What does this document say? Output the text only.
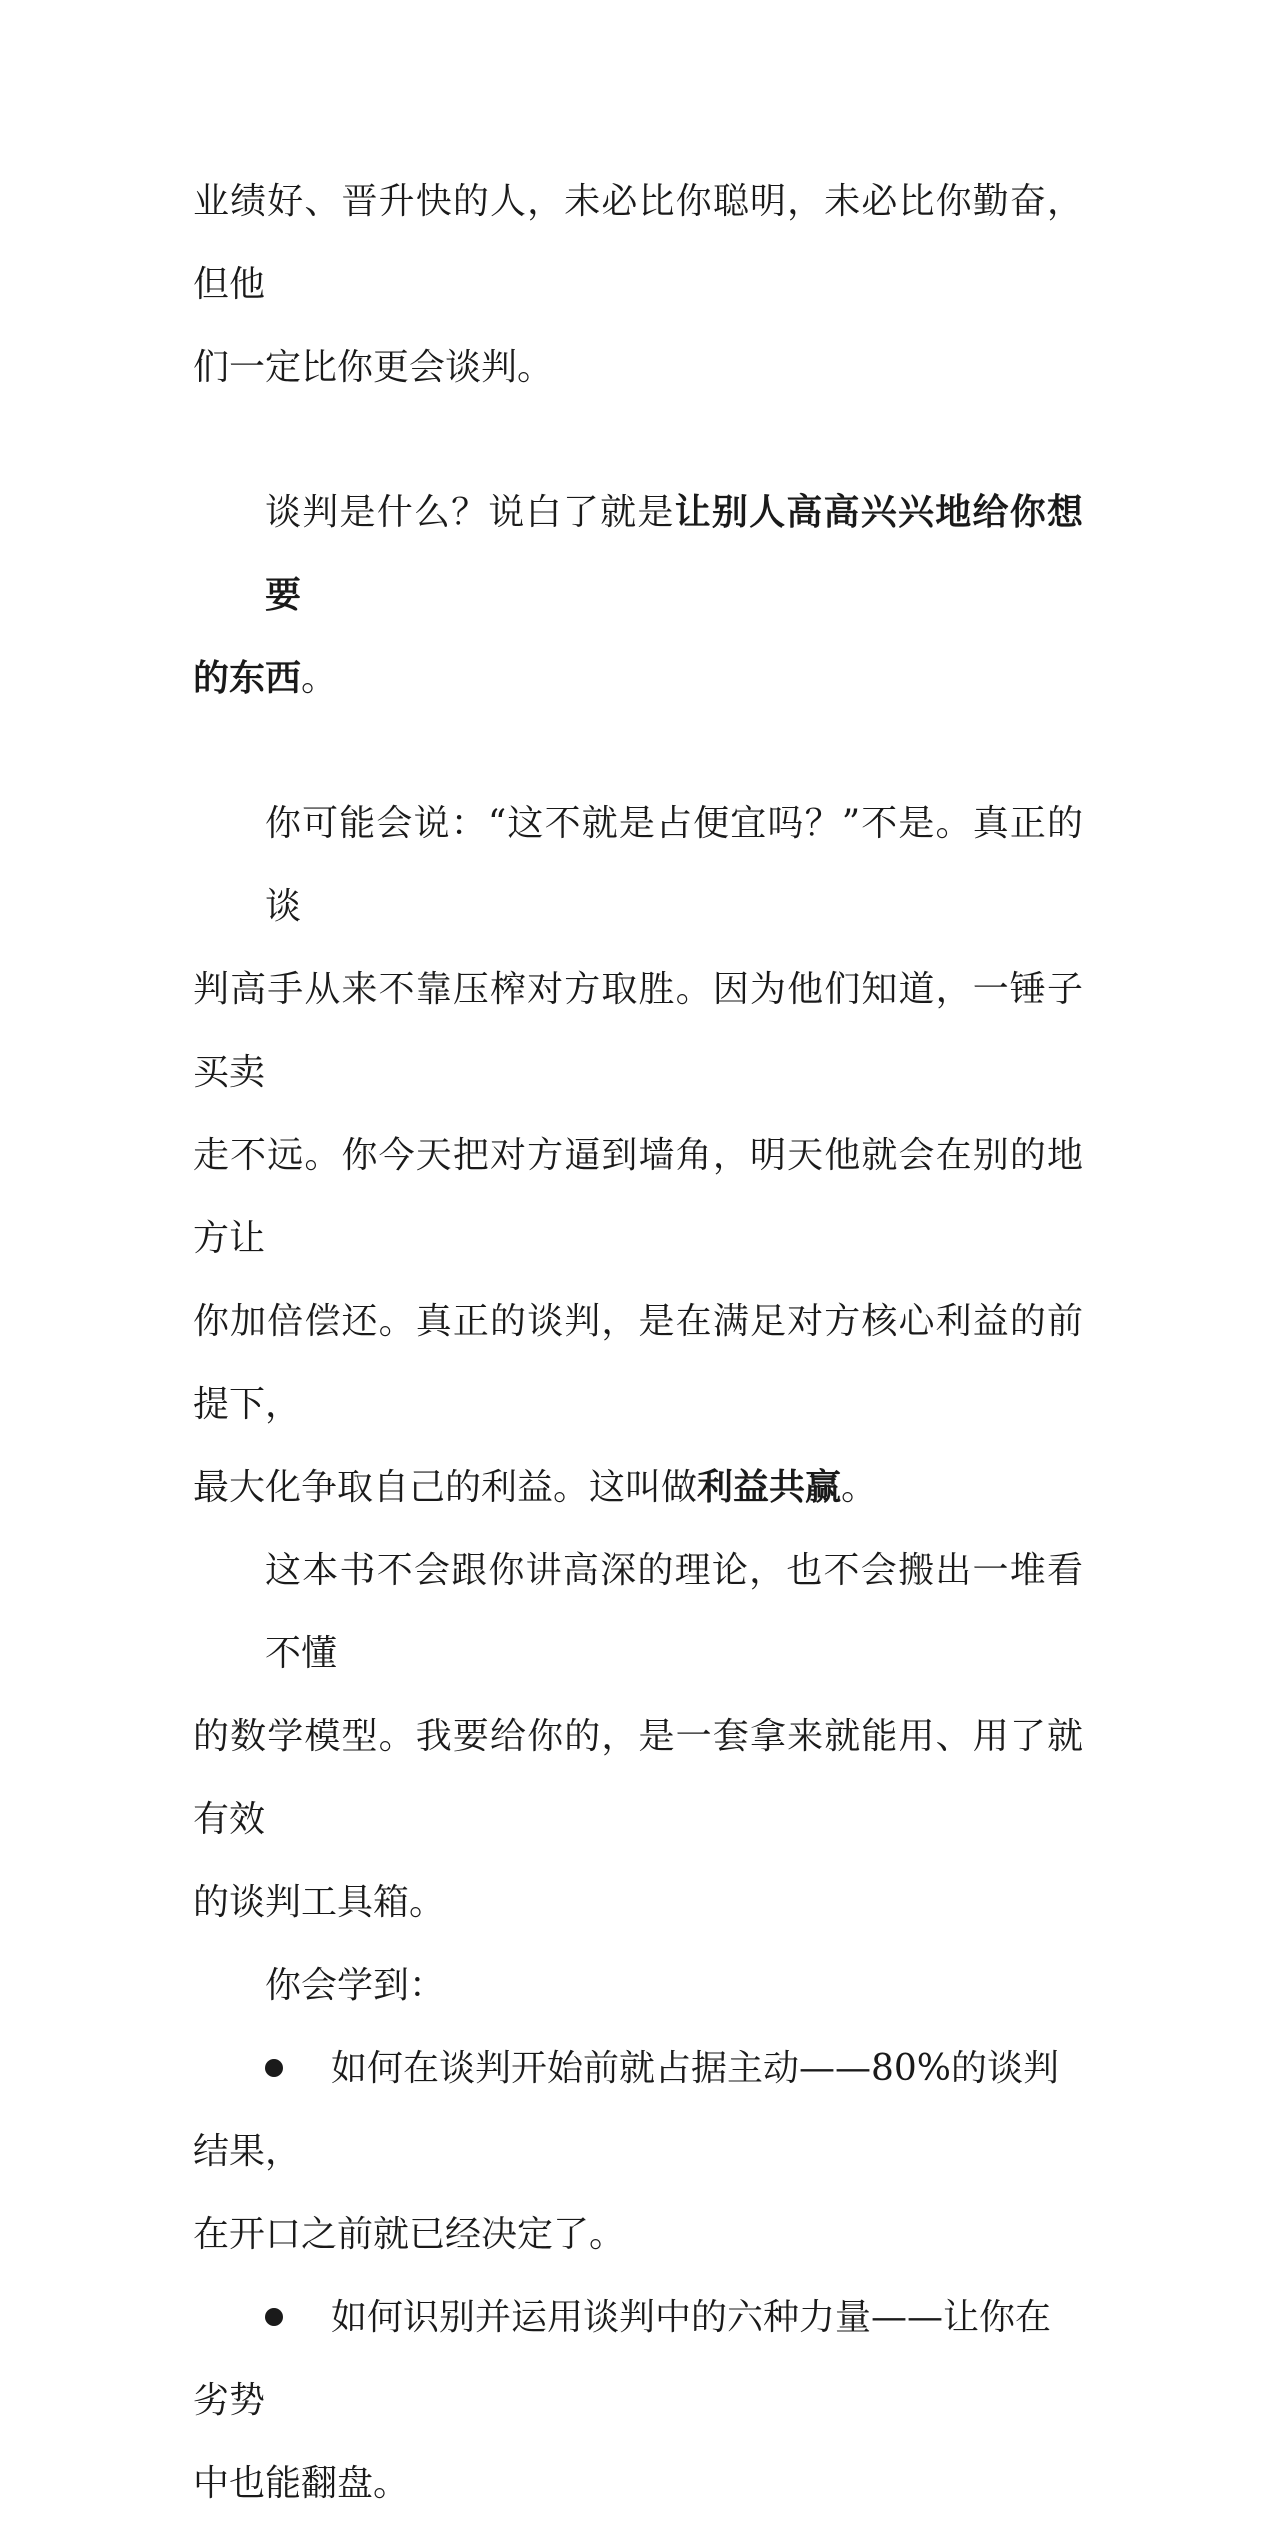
业绩好、晋升快的人，未必比你聪明，未必比你勤奋，但他
们一定比你更会谈判。

谈判是什么？说白了就是让别人高高兴兴地给你想要
的东西。

你可能会说：“这不就是占便宜吗？”不是。真正的谈
判高手从来不靠压榨对方取胜。因为他们知道，一锤子买卖
走不远。你今天把对方逼到墙角，明天他就会在别的地方让
你加倍偿还。真正的谈判，是在满足对方核心利益的前提下，
最大化争取自己的利益。这叫做利益共赢。

这本书不会跟你讲高深的理论，也不会搬出一堆看不懂
的数学模型。我要给你的，是一套拿来就能用、用了就有效
的谈判工具箱。

你会学到：

如何在谈判开始前就占据主动——80%的谈判结果，
在开口之前就已经决定了。
如何识别并运用谈判中的六种力量——让你在劣势
中也能翻盘。
